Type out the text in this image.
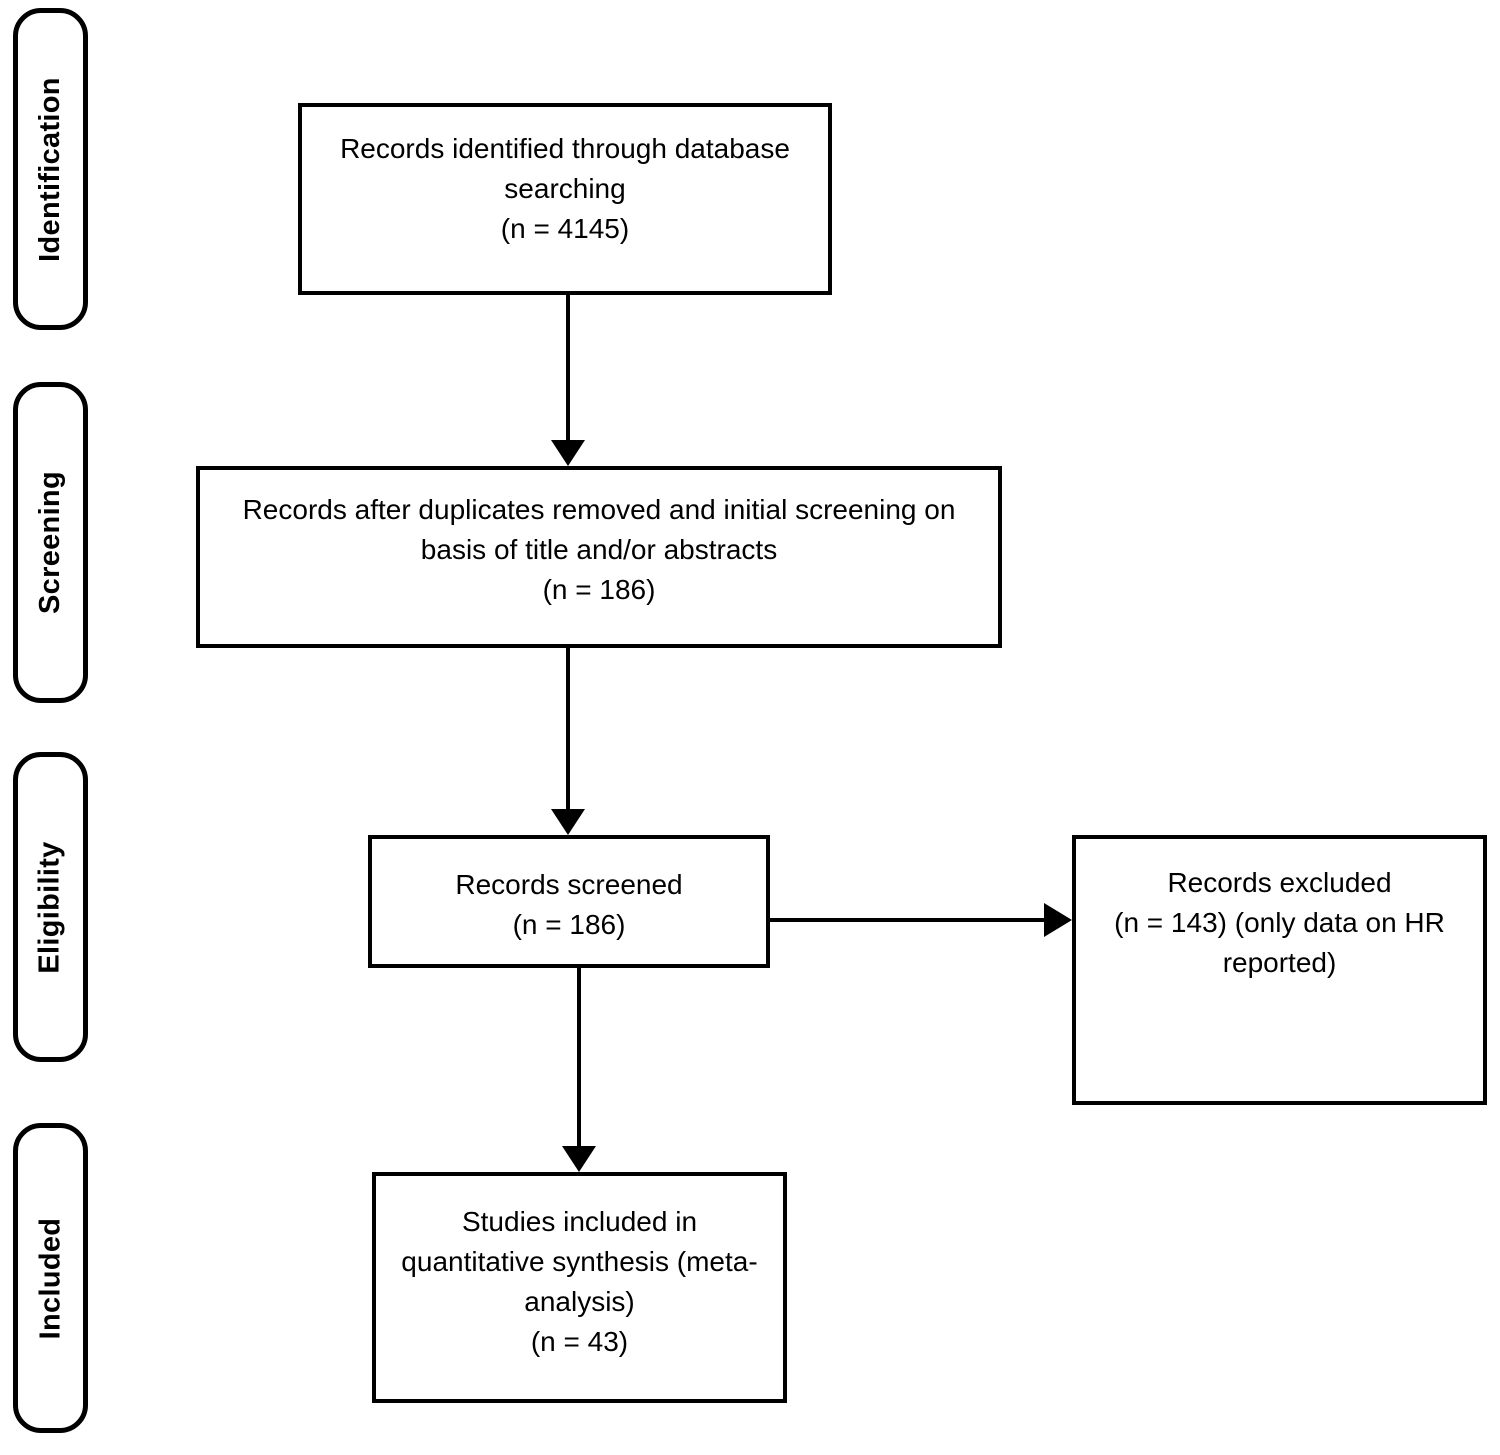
Identification
Screening
Eligibility
Included
Records identified through database
searching
(n = 4145)
Records after duplicates removed and initial screening on
basis of title and/or abstracts
(n = 186)
Records screened
(n = 186)
Records excluded
(n = 143) (only data on HR
reported)
Studies included in
quantitative synthesis (meta-
analysis)
(n = 43)
